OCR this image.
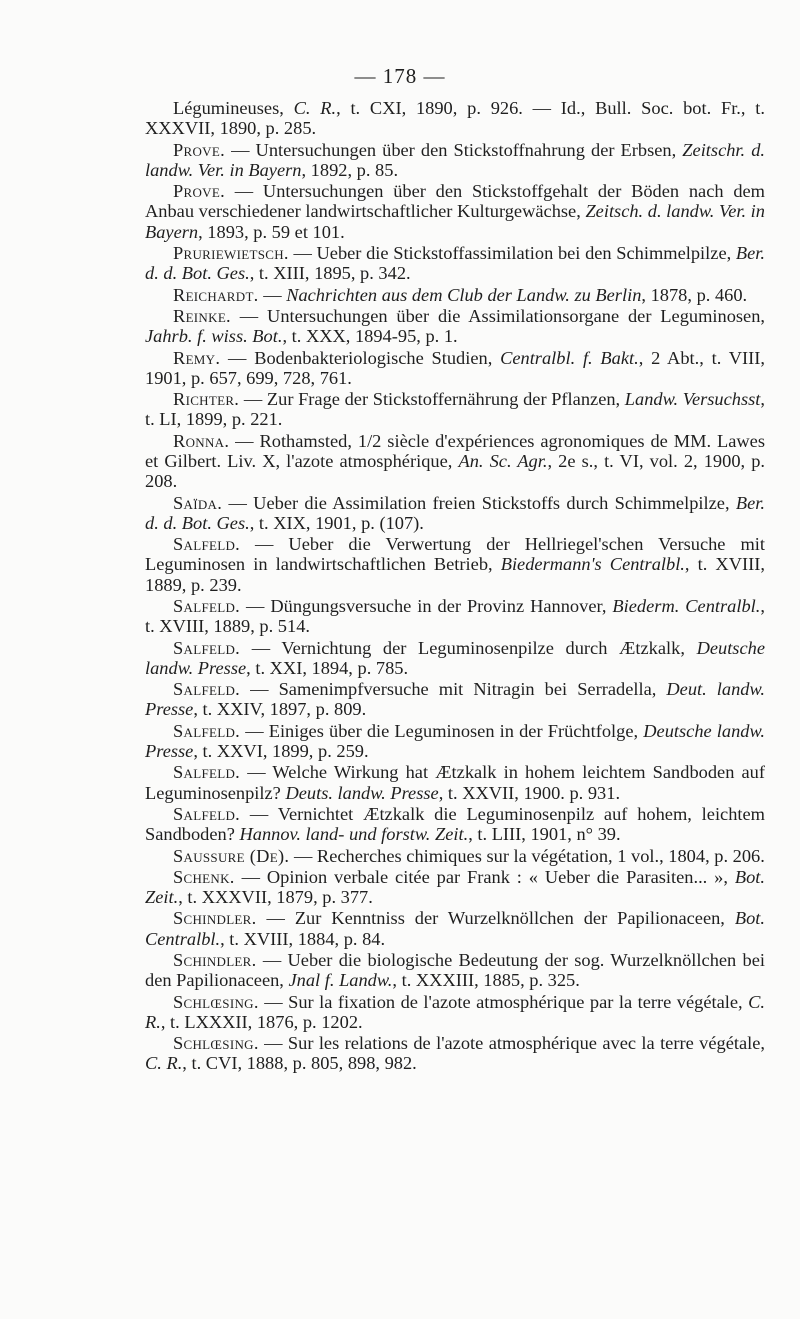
— 178 —

Légumineuses, C. R., t. CXI, 1890, p. 926. — Id., Bull. Soc. bot. Fr., t. XXXVII, 1890, p. 285.

Prove. — Untersuchungen über den Stickstoffnahrung der Erbsen, Zeitschr. d. landw. Ver. in Bayern, 1892, p. 85.

Prove. — Untersuchungen über den Stickstoffgehalt der Böden nach dem Anbau verschiedener landwirtschaftlicher Kulturgewächse, Zeitsch. d. landw. Ver. in Bayern, 1893, p. 59 et 101.

Pruriewietsch. — Ueber die Stickstoffassimilation bei den Schimmelpilze, Ber. d. d. Bot. Ges., t. XIII, 1895, p. 342.

Reichardt. — Nachrichten aus dem Club der Landw. zu Berlin, 1878, p. 460.

Reinke. — Untersuchungen über die Assimilationsorgane der Leguminosen, Jahrb. f. wiss. Bot., t. XXX, 1894-95, p. 1.

Remy. — Bodenbakteriologische Studien, Centralbl. f. Bakt., 2 Abt., t. VIII, 1901, p. 657, 699, 728, 761.

Richter. — Zur Frage der Stickstoffernährung der Pflanzen, Landw. Versuchsst, t. LI, 1899, p. 221.

Ronna. — Rothamsted, 1/2 siècle d'expériences agronomiques de MM. Lawes et Gilbert. Liv. X, l'azote atmosphérique, An. Sc. Agr., 2e s., t. VI, vol. 2, 1900, p. 208.

Saïda. — Ueber die Assimilation freien Stickstoffs durch Schimmelpilze, Ber. d. d. Bot. Ges., t. XIX, 1901, p. (107).

Salfeld. — Ueber die Verwertung der Hellriegel'schen Versuche mit Leguminosen in landwirtschaftlichen Betrieb, Biedermann's Centralbl., t. XVIII, 1889, p. 239.

Salfeld. — Düngungsversuche in der Provinz Hannover, Biederm. Centralbl., t. XVIII, 1889, p. 514.

Salfeld. — Vernichtung der Leguminosenpilze durch Ætzkalk, Deutsche landw. Presse, t. XXI, 1894, p. 785.

Salfeld. — Samenimpfversuche mit Nitragin bei Serradella, Deut. landw. Presse, t. XXIV, 1897, p. 809.

Salfeld. — Einiges über die Leguminosen in der Früchtfolge, Deutsche landw. Presse, t. XXVI, 1899, p. 259.

Salfeld. — Welche Wirkung hat Ætzkalk in hohem leichtem Sandboden auf Leguminosenpilz? Deuts. landw. Presse, t. XXVII, 1900. p. 931.

Salfeld. — Vernichtet Ætzkalk die Leguminosenpilz auf hohem, leichtem Sandboden? Hannov. land- und forstw. Zeit., t. LIII, 1901, n° 39.

Saussure (De). — Recherches chimiques sur la végétation, 1 vol., 1804, p. 206.

Schenk. — Opinion verbale citée par Frank : « Ueber die Parasiten... », Bot. Zeit., t. XXXVII, 1879, p. 377.

Schindler. — Zur Kenntniss der Wurzelknöllchen der Papilionaceen, Bot. Centralbl., t. XVIII, 1884, p. 84.

Schindler. — Ueber die biologische Bedeutung der sog. Wurzelknöllchen bei den Papilionaceen, Jnal f. Landw., t. XXXIII, 1885, p. 325.

Schlœsing. — Sur la fixation de l'azote atmosphérique par la terre végétale, C. R., t. LXXXII, 1876, p. 1202.

Schlœsing. — Sur les relations de l'azote atmosphérique avec la terre végétale, C. R., t. CVI, 1888, p. 805, 898, 982.
